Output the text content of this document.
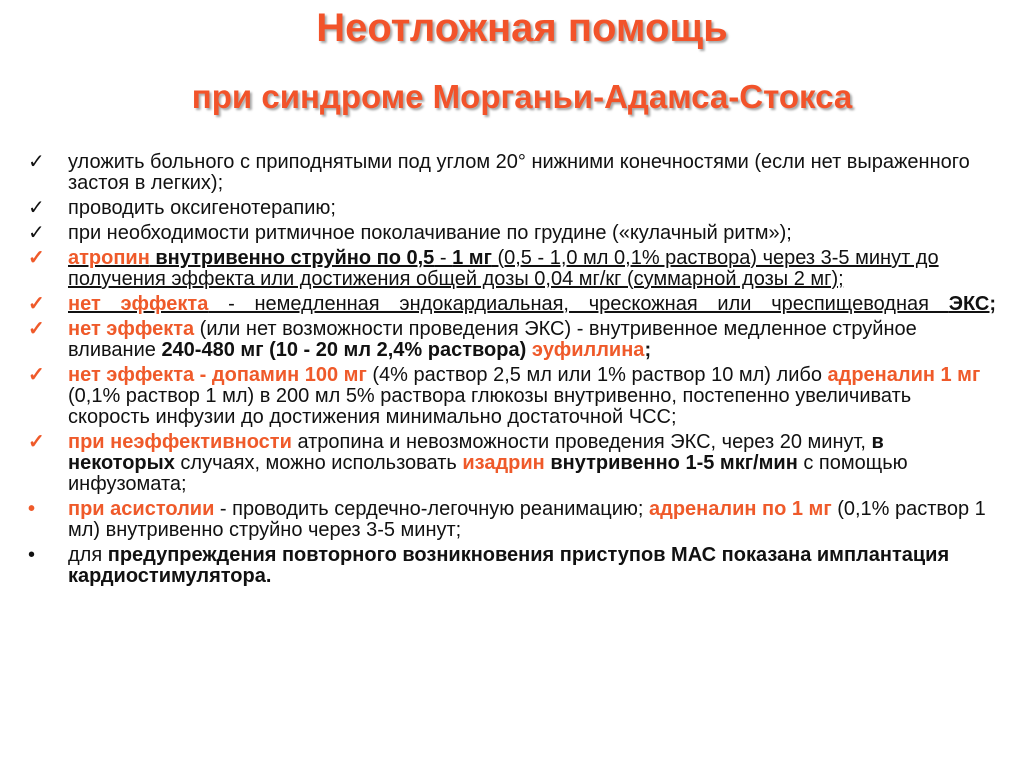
Неотложная помощь
при синдроме Морганьи-Адамса-Стокса
✓	уложить больного с приподнятыми под углом 20° нижними конечностями (если нет выраженного застоя в легких);
✓	проводить оксигенотерапию;
✓	при необходимости ритмичное поколачивание по грудине («кулачный ритм»);
✓	атропин внутривенно струйно по 0,5 - 1 мг (0,5 - 1,0 мл 0,1% раствора) через 3-5 минут до получения эффекта или достижения общей дозы 0,04 мг/кг (суммарной дозы 2 мг);
✓	нет эффекта - немедленная эндокардиальная, чрескожная или чреспищеводная ЭКС;
✓	нет эффекта (или нет возможности проведения ЭКС) - внутривенное медленное струйное вливание 240-480 мг (10 - 20 мл 2,4% раствора) эуфиллина;
✓	нет эффекта - допамин 100 мг (4% раствор 2,5 мл или 1% раствор 10 мл) либо адреналин 1 мг (0,1% раствор 1 мл) в 200 мл 5% раствора глюкозы внутривенно, постепенно увеличивать скорость инфузии до достижения минимально достаточной ЧСС;
✓	при неэффективности атропина и невозможности проведения ЭКС, через 20 минут, в некоторых случаях, можно использовать изадрин внутривенно 1-5 мкг/мин с помощью инфузомата;
•	при асистолии - проводить сердечно-легочную реанимацию; адреналин по 1 мг (0,1% раствор 1 мл) внутривенно струйно через 3-5 минут;
•	для предупреждения повторного возникновения приступов МАС показана имплантация кардиостимулятора.
